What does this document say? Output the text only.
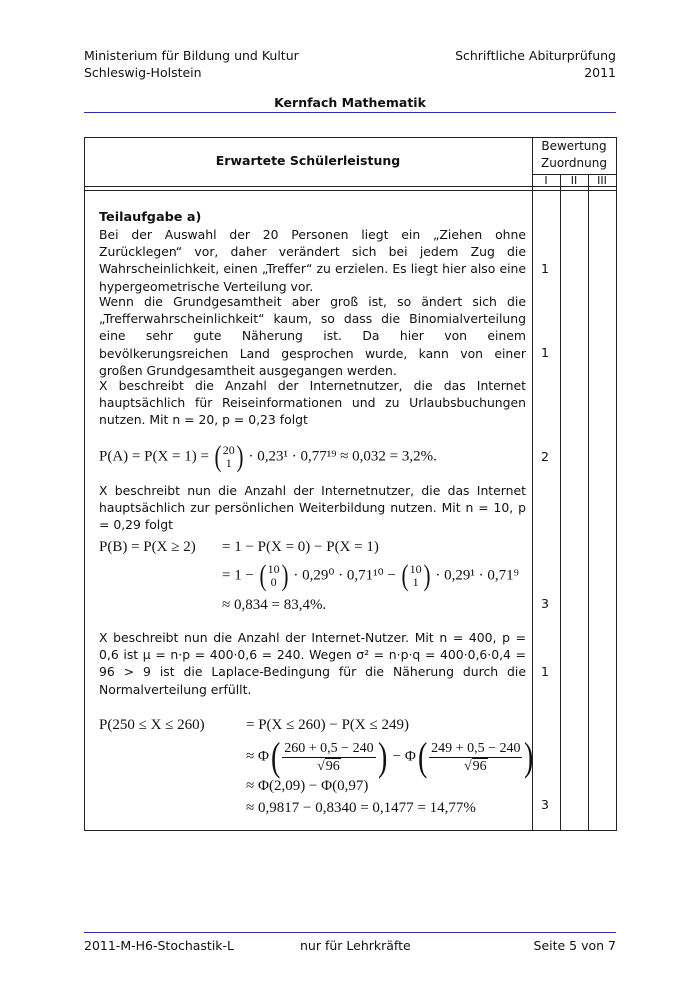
Ministerium für Bildung und Kultur
Schleswig-Holstein
Schriftliche Abiturprüfung
2011
Kernfach Mathematik
Erwartete Schülerleistung
Bewertung
Zuordnung
I	II	III
Teilaufgabe a)
Bei der Auswahl der 20 Personen liegt ein „Ziehen ohne Zurücklegen“ vor, daher verändert sich bei jedem Zug die Wahrscheinlichkeit, einen „Treffer“ zu erzielen. Es liegt hier also eine hypergeometrische Verteilung vor.
1
Wenn die Grundgesamtheit aber groß ist, so ändert sich die „Trefferwahrscheinlichkeit“ kaum, so dass die Binomialverteilung eine sehr gute Näherung ist. Da hier von einem bevölkerungsreichen Land gesprochen wurde, kann von einer großen Grundgesamtheit ausgegangen werden.
1
X beschreibt die Anzahl der Internetnutzer, die das Internet hauptsächlich für Reiseinformationen und zu Urlaubsbuchungen nutzen. Mit n = 20, p = 0,23 folgt
P(A) = P(X = 1) = ( 20
1 ) · 0,23¹ · 0,77¹⁹ ≈ 0,032 = 3,2%.	2
X beschreibt nun die Anzahl der Internetnutzer, die das Internet hauptsächlich zur persönlichen Weiterbildung nutzen. Mit n = 10, p = 0,29 folgt
P(B) = P(X ≥ 2) = 1 − P(X = 0) − P(X = 1)
= 1 − ( 10
0 ) · 0,29⁰ · 0,71¹⁰ − ( 10
1 ) · 0,29¹ · 0,71⁹
≈ 0,834 = 83,4%.	3
X beschreibt nun die Anzahl der Internet-Nutzer. Mit n = 400, p = 0,6 ist μ = n·p = 400·0,6 = 240. Wegen σ² = n·p·q = 400·0,6·0,4 = 96 > 9 ist die Laplace-Bedingung für die Näherung durch die Normalverteilung erfüllt.
1
P(250 ≤ X ≤ 260)	= P(X ≤ 260) − P(X ≤ 249)
≈ $\Phi( \frac{260 + 0,5 - 240}{√96}$ ) − $\Phi( \frac{249 + 0,5 - 240}{√96}$ )
≈ Φ(2,09) − Φ(0,97)
≈ 0,9817 − 0,8340 = 0,1477 = 14,77%	3
2011-M-H6-Stochastik-L	nur für Lehrkräfte	Seite 5 von 7
